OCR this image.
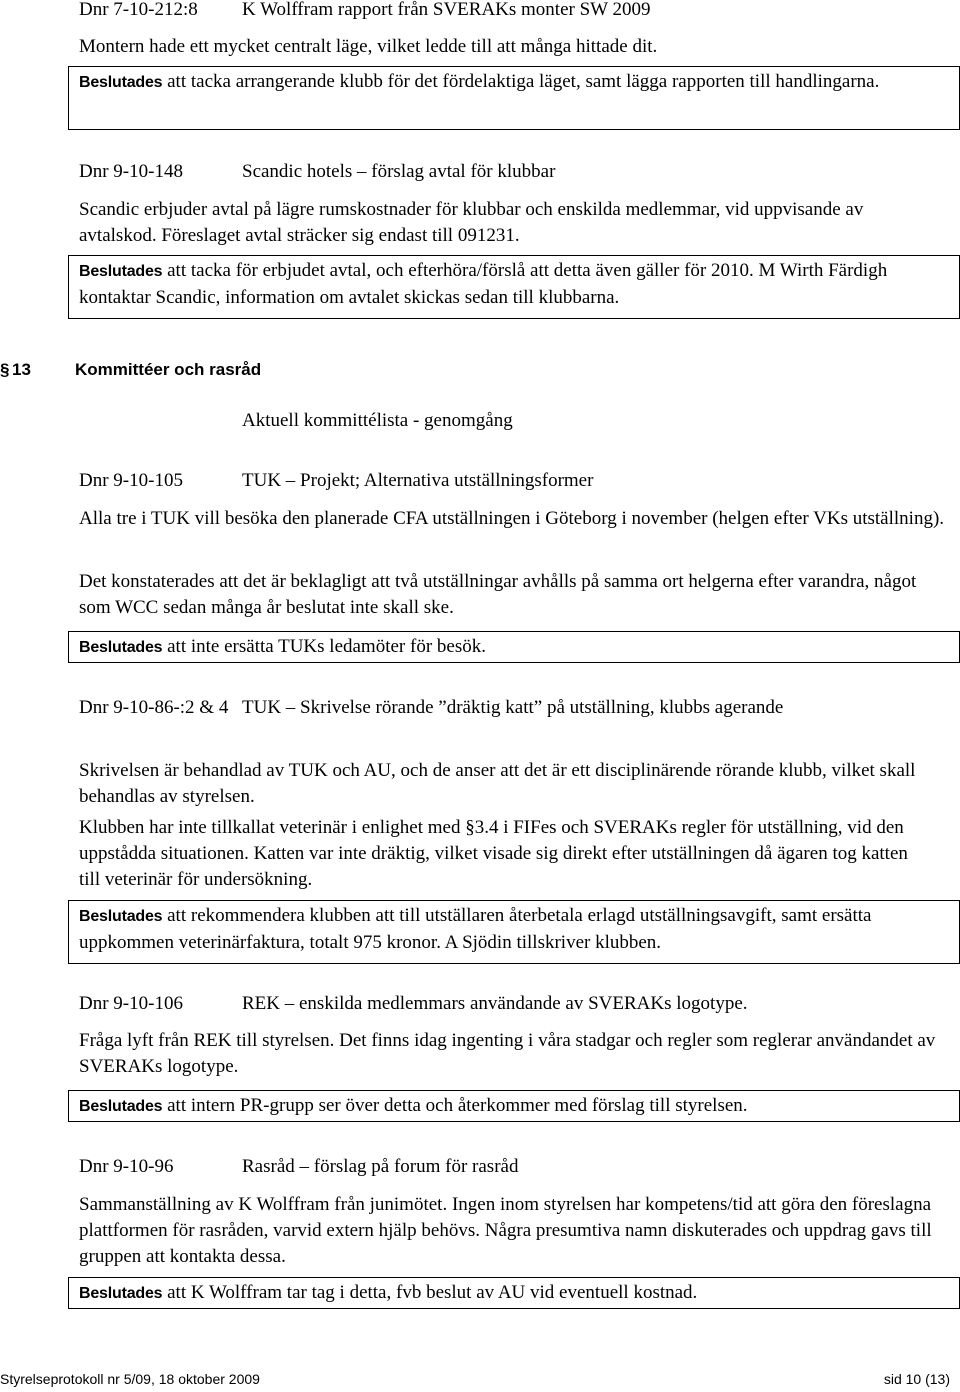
Dnr 7-10-212:8	K Wolffram rapport från SVERAKs monter SW 2009
Montern hade ett mycket centralt läge, vilket ledde till att många hittade dit.
Beslutades att tacka arrangerande klubb för det fördelaktiga läget, samt lägga rapporten till handlingarna.
Dnr 9-10-148	Scandic hotels – förslag avtal för klubbar
Scandic erbjuder avtal på lägre rumskostnader för klubbar och enskilda medlemmar, vid uppvisande av avtalskod. Föreslaget avtal sträcker sig endast till 091231.
Beslutades att tacka för erbjudet avtal, och efterhöra/förslå att detta även gäller för 2010. M Wirth Färdigh kontaktar Scandic, information om avtalet skickas sedan till klubbarna.
§ 13	Kommittéer och rasråd
Aktuell kommittélista - genomgång
Dnr 9-10-105	TUK – Projekt; Alternativa utställningsformer
Alla tre i TUK vill besöka den planerade CFA utställningen i Göteborg i november (helgen efter VKs utställning).
Det konstaterades att det är beklagligt att två utställningar avhålls på samma ort helgerna efter varandra, något som WCC sedan många år beslutat inte skall ske.
Beslutades att inte ersätta TUKs ledamöter för besök.
Dnr 9-10-86-:2 & 4 TUK – Skrivelse rörande ”dräktig katt” på utställning, klubbs agerande
Skrivelsen är behandlad av TUK och AU, och de anser att det är ett disciplinärende rörande klubb, vilket skall behandlas av styrelsen.
Klubben har inte tillkallat veterinär i enlighet med §3.4 i FIFes och SVERAKs regler för utställning, vid den uppstådda situationen. Katten var inte dräktig, vilket visade sig direkt efter utställningen då ägaren tog katten till veterinär för undersökning.
Beslutades att rekommendera klubben att till utställaren återbetala erlagd utställningsavgift, samt ersätta uppkommen veterinärfaktura, totalt 975 kronor. A Sjödin tillskriver klubben.
Dnr 9-10-106	REK – enskilda medlemmars användande av SVERAKs logotype.
Fråga lyft från REK till styrelsen. Det finns idag ingenting i våra stadgar och regler som reglerar användandet av SVERAKs logotype.
Beslutades att intern PR-grupp ser över detta och återkommer med förslag till styrelsen.
Dnr 9-10-96	Rasråd – förslag på forum för rasråd
Sammanställning av K Wolffram från junimötet. Ingen inom styrelsen har kompetens/tid att göra den föreslagna plattformen för rasråden, varvid extern hjälp behövs. Några presumtiva namn diskuterades och uppdrag gavs till gruppen att kontakta dessa.
Beslutades att K Wolffram tar tag i detta, fvb beslut av AU vid eventuell kostnad.
Styrelseprotokoll nr 5/09, 18 oktober 2009	sid 10 (13)
